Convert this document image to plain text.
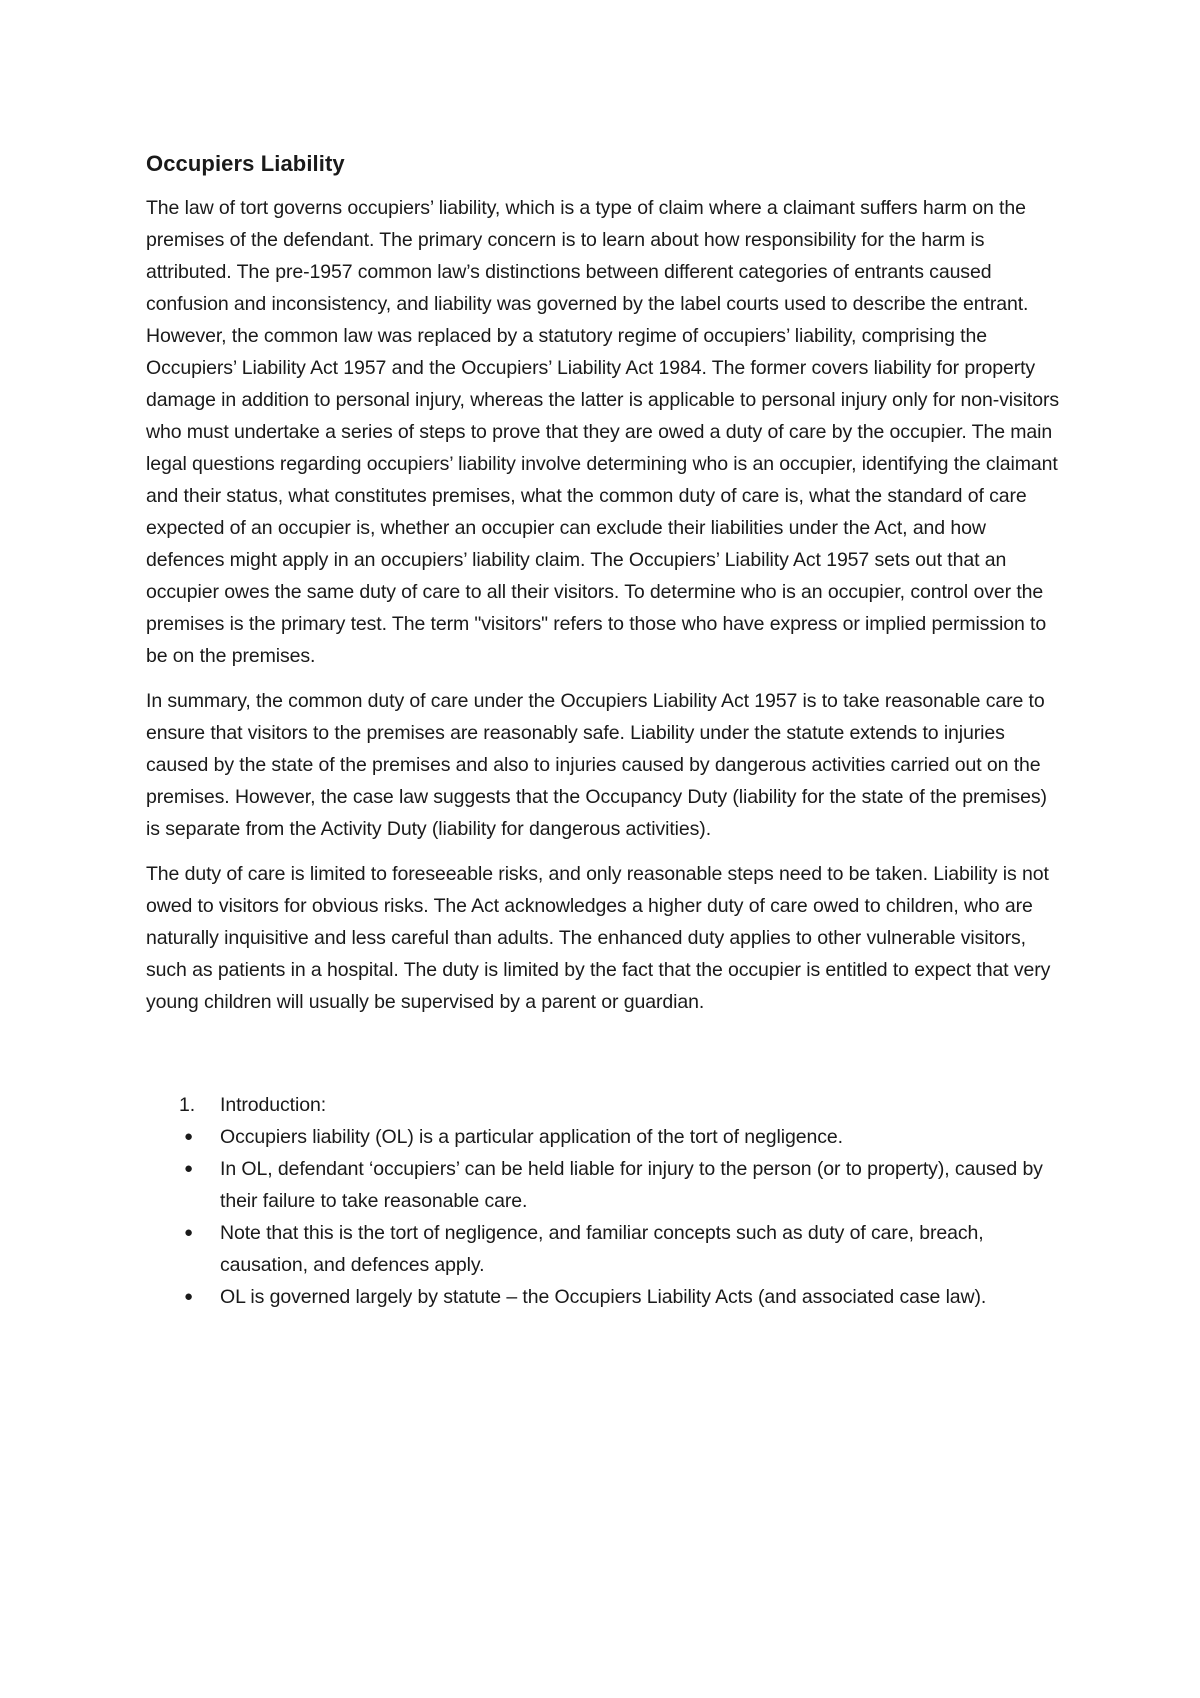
Occupiers Liability

The law of tort governs occupiers’ liability, which is a type of claim where a claimant suffers harm on the premises of the defendant. The primary concern is to learn about how responsibility for the harm is attributed. The pre-1957 common law’s distinctions between different categories of entrants caused confusion and inconsistency, and liability was governed by the label courts used to describe the entrant. However, the common law was replaced by a statutory regime of occupiers’ liability, comprising the Occupiers’ Liability Act 1957 and the Occupiers’ Liability Act 1984. The former covers liability for property damage in addition to personal injury, whereas the latter is applicable to personal injury only for non-visitors who must undertake a series of steps to prove that they are owed a duty of care by the occupier. The main legal questions regarding occupiers’ liability involve determining who is an occupier, identifying the claimant and their status, what constitutes premises, what the common duty of care is, what the standard of care expected of an occupier is, whether an occupier can exclude their liabilities under the Act, and how defences might apply in an occupiers’ liability claim. The Occupiers’ Liability Act 1957 sets out that an occupier owes the same duty of care to all their visitors. To determine who is an occupier, control over the premises is the primary test. The term "visitors" refers to those who have express or implied permission to be on the premises.

In summary, the common duty of care under the Occupiers Liability Act 1957 is to take reasonable care to ensure that visitors to the premises are reasonably safe. Liability under the statute extends to injuries caused by the state of the premises and also to injuries caused by dangerous activities carried out on the premises. However, the case law suggests that the Occupancy Duty (liability for the state of the premises) is separate from the Activity Duty (liability for dangerous activities).

The duty of care is limited to foreseeable risks, and only reasonable steps need to be taken. Liability is not owed to visitors for obvious risks. The Act acknowledges a higher duty of care owed to children, who are naturally inquisitive and less careful than adults. The enhanced duty applies to other vulnerable visitors, such as patients in a hospital. The duty is limited by the fact that the occupier is entitled to expect that very young children will usually be supervised by a parent or guardian.

1.	Introduction:
●	Occupiers liability (OL) is a particular application of the tort of negligence.
●	In OL, defendant ‘occupiers’ can be held liable for injury to the person (or to property), caused by their failure to take reasonable care.
●	Note that this is the tort of negligence, and familiar concepts such as duty of care, breach, causation, and defences apply.
●	OL is governed largely by statute – the Occupiers Liability Acts (and associated case law).
